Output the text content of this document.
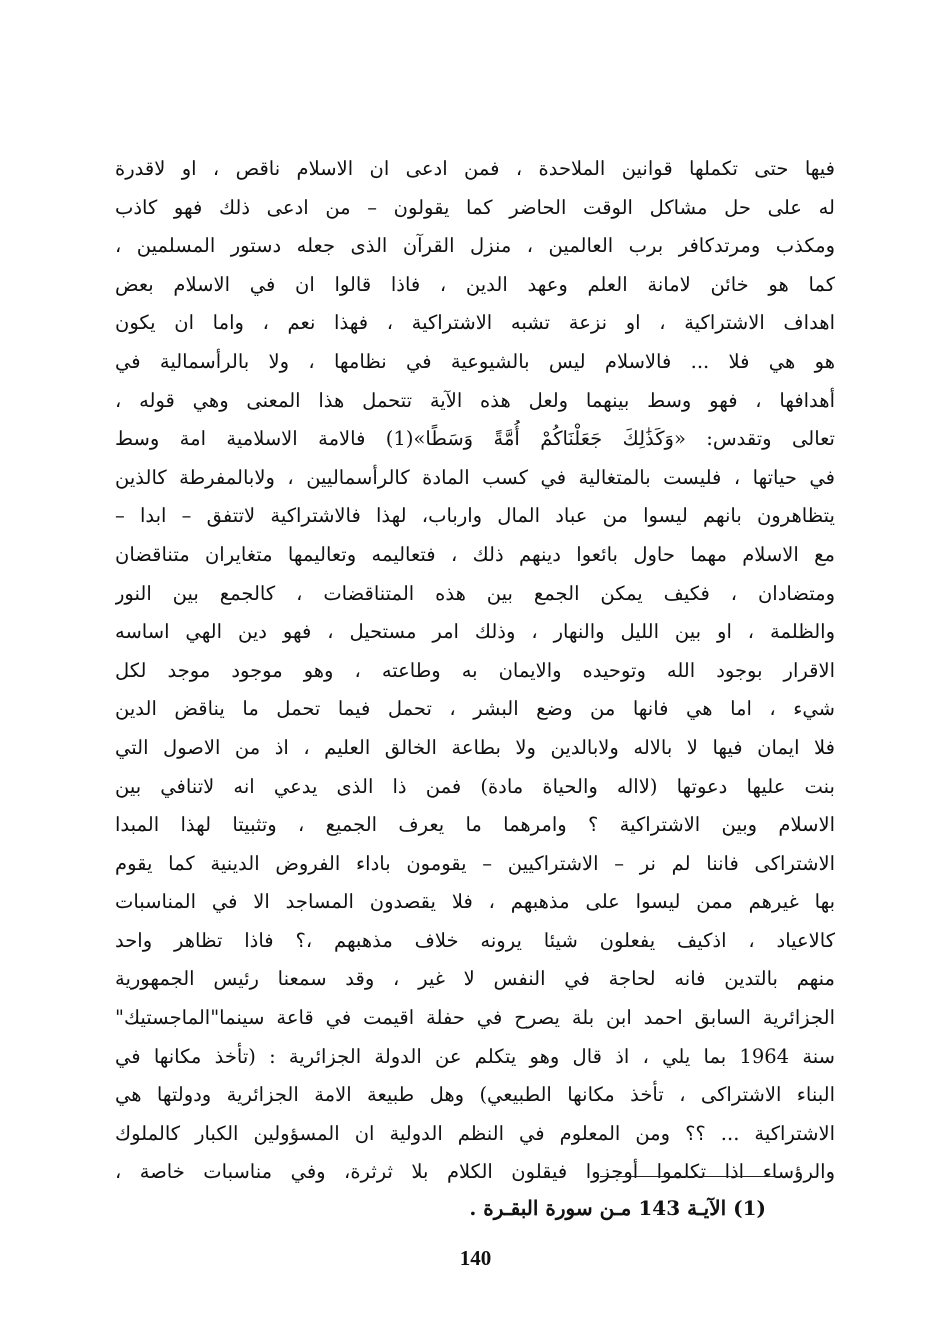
فيها حتى تكملها قوانين الملاحدة ، فمن ادعى ان الاسلام ناقص ، او لاقدرة
له على حل مشاكل الوقت الحاضر كما يقولون – من ادعى ذلك فهو كاذب
ومكذب ومرتدكافر برب العالمين ، منزل القرآن الذى جعله دستور المسلمين ،
كما هو خائن لامانة العلم وعهد الدين ، فاذا قالوا ان في الاسلام بعض
اهداف الاشتراكية ، او نزعة تشبه الاشتراكية ، فهذا نعم ، واما ان يكون
هو هي فلا ... فالاسلام ليس بالشيوعية في نظامها ، ولا بالرأسمالية في
أهدافها ، فهو وسط بينهما ولعل هذه الآية تتحمل هذا المعنى وهي قوله ،
تعالى وتقدس: «وَكَذَٰلِكَ جَعَلْنَاكُمْ أُمَّةً وَسَطًا»(1) فالامة الاسلامية امة وسط
في حياتها ، فليست بالمتغالية في كسب المادة كالرأسماليين ، ولابالمفرطة كالذين
يتظاهرون بانهم ليسوا من عباد المال وارباب، لهذا فالاشتراكية لاتتفق – ابدا –
مع الاسلام مهما حاول بائعوا دينهم ذلك ، فتعاليمه وتعاليمها متغايران متناقضان
ومتضادان ، فكيف يمكن الجمع بين هذه المتناقضات ، كالجمع بين النور
والظلمة ، او بين الليل والنهار ، وذلك امر مستحيل ، فهو دين الهي اساسه
الاقرار بوجود الله وتوحيده والايمان به وطاعته ، وهو موجود موجد لكل
شيء ، اما هي فانها من وضع البشر ، تحمل فيما تحمل ما يناقض الدين
فلا ايمان فيها لا بالاله ولابالدين ولا بطاعة الخالق العليم ، اذ من الاصول التي
بنت عليها دعوتها (لااله والحياة مادة) فمن ذا الذى يدعي انه لاتنافي بين
الاسلام وبين الاشتراكية ؟ وامرهما ما يعرف الجميع ، وتثبيتا لهذا المبدا
الاشتراكى فاننا لم نر – الاشتراكيين – يقومون باداء الفروض الدينية كما يقوم
بها غيرهم ممن ليسوا على مذهبهم ، فلا يقصدون المساجد الا في المناسبات
كالاعياد ، اذكيف يفعلون شيئا يرونه خلاف مذهبهم ،؟ فاذا تظاهر واحد
منهم بالتدين فانه لحاجة في النفس لا غير ، وقد سمعنا رئيس الجمهورية
الجزائرية السابق احمد ابن بلة يصرح في حفلة اقيمت في قاعة سينما"الماجستيك"
سنة 1964 بما يلي ، اذ قال وهو يتكلم عن الدولة الجزائرية : (تأخذ مكانها في
البناء الاشتراكى ، تأخذ مكانها الطبيعي) وهل طبيعة الامة الجزائرية ودولتها هي
الاشتراكية ... ؟؟ ومن المعلوم في النظم الدولية ان المسؤولين الكبار كالملوك
والرؤساء اذا تكلموا أوجزوا فيقلون الكلام بلا ثرثرة، وفي مناسبات خاصة ،
(1) الآيـة 143 مـن سورة البقـرة .
140
